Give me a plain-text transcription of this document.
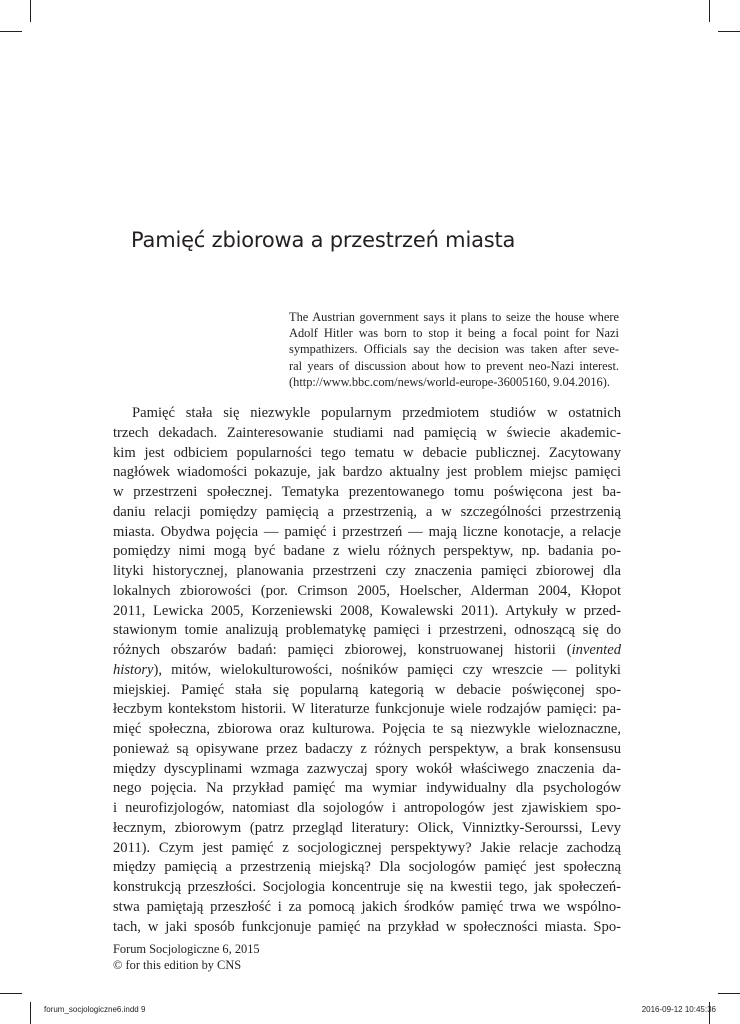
Pamięć zbiorowa a przestrzeń miasta
The Austrian government says it plans to seize the house where
Adolf Hitler was born to stop it being a focal point for Nazi
sympathizers. Officials say the decision was taken after seve-
ral years of discussion about how to prevent neo-Nazi interest.
(http://www.bbc.com/news/world-europe-36005160, 9.04.2016).
Pamięć stała się niezwykle popularnym przedmiotem studiów w ostatnich
trzech dekadach. Zainteresowanie studiami nad pamięcią w świecie akademic-
kim jest odbiciem popularności tego tematu w debacie publicznej. Zacytowany
nagłówek wiadomości pokazuje, jak bardzo aktualny jest problem miejsc pamięci
w przestrzeni społecznej. Tematyka prezentowanego tomu poświęcona jest ba-
daniu relacji pomiędzy pamięcią a przestrzenią, a w szczególności przestrzenią
miasta. Obydwa pojęcia — pamięć i przestrzeń — mają liczne konotacje, a relacje
pomiędzy nimi mogą być badane z wielu różnych perspektyw, np. badania po-
lityki historycznej, planowania przestrzeni czy znaczenia pamięci zbiorowej dla
lokalnych zbiorowości (por. Crimson 2005, Hoelscher, Alderman 2004, Kłopot
2011, Lewicka 2005, Korzeniewski 2008, Kowalewski 2011). Artykuły w przed-
stawionym tomie analizują problematykę pamięci i przestrzeni, odnoszącą się do
różnych obszarów badań: pamięci zbiorowej, konstruowanej historii (invented
history), mitów, wielokulturowości, nośników pamięci czy wreszcie — polityki
miejskiej. Pamięć stała się popularną kategorią w debacie poświęconej spo-
łeczbym kontekstom historii. W literaturze funkcjonuje wiele rodzajów pamięci: pa-
mięć społeczna, zbiorowa oraz kulturowa. Pojęcia te są niezwykle wieloznaczne,
ponieważ są opisywane przez badaczy z różnych perspektyw, a brak konsensusu
między dyscyplinami wzmaga zazwyczaj spory wokół właściwego znaczenia da-
nego pojęcia. Na przykład pamięć ma wymiar indywidualny dla psychologów
i neurofizjologów, natomiast dla sojologów i antropologów jest zjawiskiem spo-
łecznym, zbiorowym (patrz przegląd literatury: Olick, Vinniztky-Serourssi, Levy
2011). Czym jest pamięć z socjologicznej perspektywy? Jakie relacje zachodzą
między pamięcią a przestrzenią miejską? Dla socjologów pamięć jest społeczną
konstrukcją przeszłości. Socjologia koncentruje się na kwestii tego, jak społeczeń-
stwa pamiętają przeszłość i za pomocą jakich środków pamięć trwa we wspólno-
tach, w jaki sposób funkcjonuje pamięć na przykład w społeczności miasta. Spo-
Forum Socjologiczne 6, 2015
© for this edition by CNS
forum_socjologiczne6.indd 9	2016-09-12 10:45:36
